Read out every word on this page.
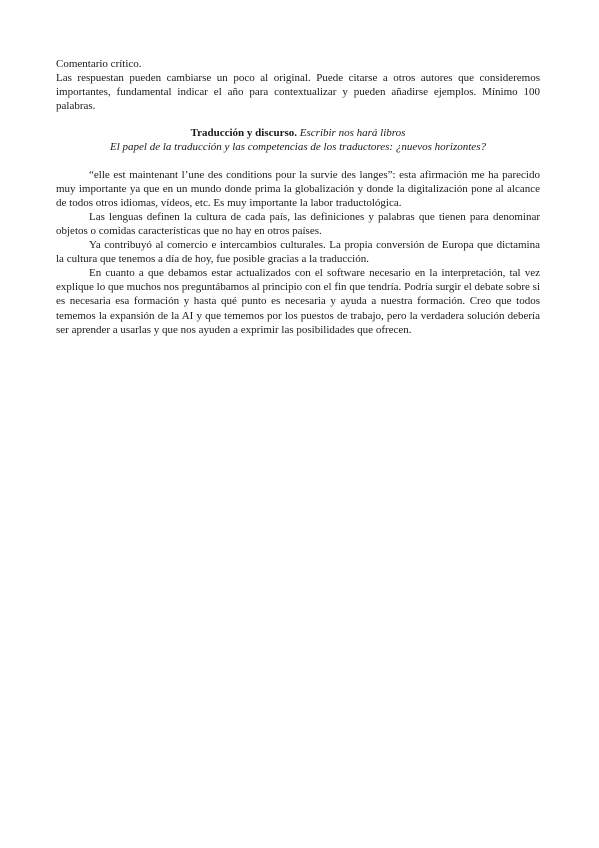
Comentario crítico.

Las respuestan pueden cambiarse un poco al original. Puede citarse a otros autores que consideremos importantes, fundamental indicar el año para contextualizar y pueden añadirse ejemplos. Mínimo 100 palabras.

Traducción y discurso. Escribir nos hará libros

El papel de la traducción y las competencias de los traductores: ¿nuevos horizontes?

“elle est maintenant l’une des conditions pour la survie des langes”: esta afirmación me ha parecido muy importante ya que en un mundo donde prima la globalización y donde la digitalización pone al alcance de todos otros idiomas, vídeos, etc. Es muy importante la labor traductológica.

Las lenguas definen la cultura de cada país, las definiciones y palabras que tienen para denominar objetos o comidas características que no hay en otros países.

Ya contribuyó al comercio e intercambios culturales. La propia conversión de Europa que dictamina la cultura que tenemos a día de hoy, fue posible gracias a la traducción.

En cuanto a que debamos estar actualizados con el software necesario en la interpretación, tal vez explique lo que muchos nos preguntábamos al principio con el fin que tendría. Podría surgir el debate sobre si es necesaria esa formación y hasta qué punto es necesaria y ayuda a nuestra formación. Creo que todos tememos la expansión de la AI y que tememos por los puestos de trabajo, pero la verdadera solución debería ser aprender a usarlas y que nos ayuden a exprimir las posibilidades que ofrecen.
